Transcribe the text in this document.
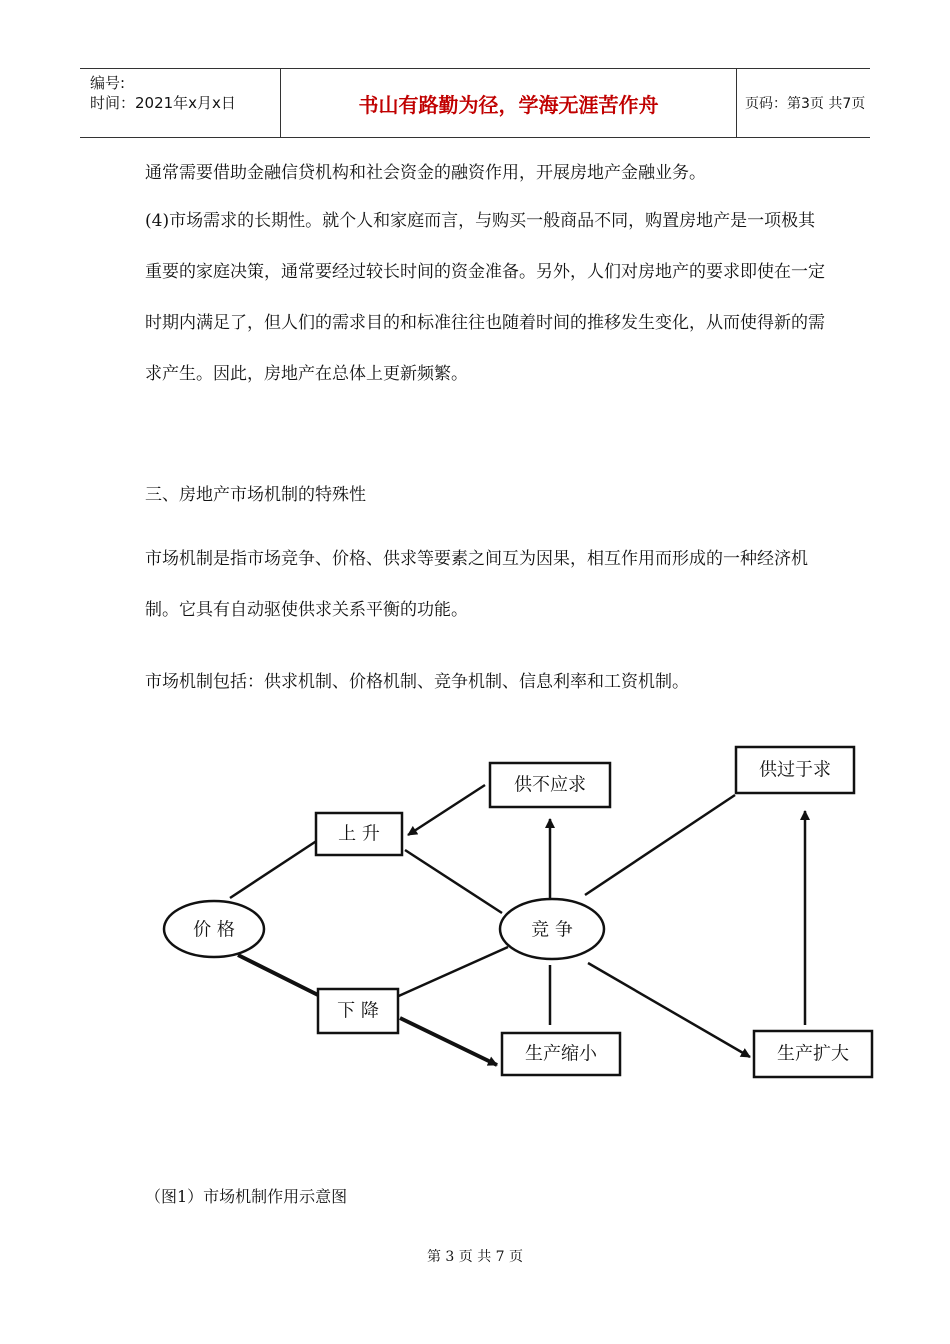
编号:
时间：2021年x月x日	书山有路勤为径，学海无涯苦作舟	页码：第3页 共7页

通常需要借助金融信贷机构和社会资金的融资作用，开展房地产金融业务。

(4)市场需求的长期性。就个人和家庭而言，与购买一般商品不同，购置房地产是一项极其重要的家庭决策，通常要经过较长时间的资金准备。另外，人们对房地产的要求即使在一定时期内满足了，但人们的需求目的和标准往往也随着时间的推移发生变化，从而使得新的需求产生。因此，房地产在总体上更新频繁。

三、房地产市场机制的特殊性

市场机制是指市场竞争、价格、供求等要素之间互为因果，相互作用而形成的一种经济机制。它具有自动驱使供求关系平衡的功能。

市场机制包括：供求机制、价格机制、竞争机制、信息利率和工资机制。

价 格
上 升
下 降
供不应求
供过于求
竞 争
生产缩小	生产扩大

（图1）市场机制作用示意图

第 3 页 共 7 页
